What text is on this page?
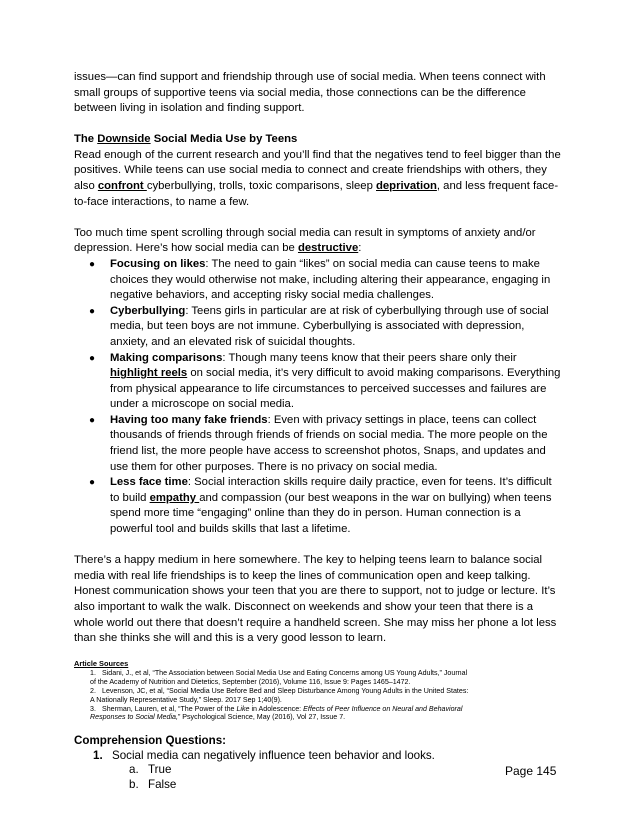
issues—can find support and friendship through use of social media. When teens connect with small groups of supportive teens via social media, those connections can be the difference between living in isolation and finding support.

The Downside Social Media Use by Teens

Read enough of the current research and you’ll find that the negatives tend to feel bigger than the positives. While teens can use social media to connect and create friendships with others, they also confront cyberbullying, trolls, toxic comparisons, sleep deprivation, and less frequent face-to-face interactions, to name a few.

Too much time spent scrolling through social media can result in symptoms of anxiety and/or depression. Here’s how social media can be destructive:

● Focusing on likes: The need to gain “likes” on social media can cause teens to make choices they would otherwise not make, including altering their appearance, engaging in negative behaviors, and accepting risky social media challenges.
● Cyberbullying: Teens girls in particular are at risk of cyberbullying through use of social media, but teen boys are not immune. Cyberbullying is associated with depression, anxiety, and an elevated risk of suicidal thoughts.
● Making comparisons: Though many teens know that their peers share only their highlight reels on social media, it’s very difficult to avoid making comparisons. Everything from physical appearance to life circumstances to perceived successes and failures are under a microscope on social media.
● Having too many fake friends: Even with privacy settings in place, teens can collect thousands of friends through friends of friends on social media. The more people on the friend list, the more people have access to screenshot photos, Snaps, and updates and use them for other purposes. There is no privacy on social media.
● Less face time: Social interaction skills require daily practice, even for teens. It’s difficult to build empathy and compassion (our best weapons in the war on bullying) when teens spend more time “engaging” online than they do in person. Human connection is a powerful tool and builds skills that last a lifetime.

There’s a happy medium in here somewhere. The key to helping teens learn to balance social media with real life friendships is to keep the lines of communication open and keep talking. Honest communication shows your teen that you are there to support, not to judge or lecture. It’s also important to walk the walk. Disconnect on weekends and show your teen that there is a whole world out there that doesn’t require a handheld screen. She may miss her phone a lot less than she thinks she will and this is a very good lesson to learn.

Article Sources
1. Sidani, J., et al, “The Association between Social Media Use and Eating Concerns among US Young Adults,” Journal
of the Academy of Nutrition and Dietetics, September (2016), Volume 116, Issue 9: Pages 1465–1472.
2. Levenson, JC, et al, “Social Media Use Before Bed and Sleep Disturbance Among Young Adults in the United States:
A Nationally Representative Study,” Sleep. 2017 Sep 1;40(9).
3. Sherman, Lauren, et al, “The Power of the Like in Adolescence: Effects of Peer Influence on Neural and Behavioral
Responses to Social Media,” Psychological Science, May (2016), Vol 27, Issue 7.
Comprehension Questions:
1. Social media can negatively influence teen behavior and looks.
a. True
b. False
Page 145
